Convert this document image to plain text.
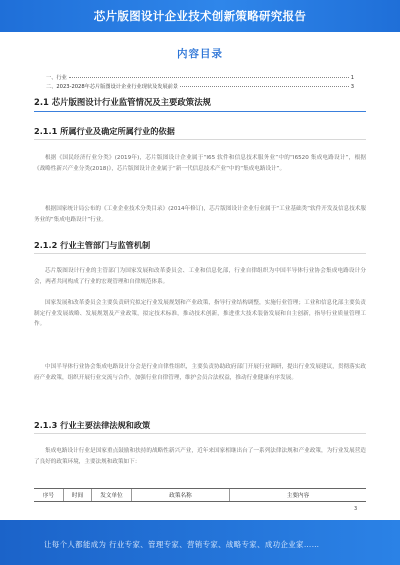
芯片版图设计企业技术创新策略研究报告
内容目录
一、行业	1
二、2023-2028年芯片版图设计企业行业现状及发展前景	3
2.1 芯片版图设计行业监管情况及主要政策法规
2.1.1 所属行业及确定所属行业的依据

根据《国民经济行业分类》(2019年)，芯片版图设计企业属于“I65 软件和信息技术服务业”中的“I6520 集成电路设计”，根据《战略性新兴产业分类(2018)》，芯片版图设计企业属于“新一代信息技术产业”中的“集成电路设计”。

根据国家统计局公布的《工业企业技术分类目录》(2014年修订)，芯片版图设计企业行业属于“工业基础类”软件开发及信息技术服务业的“集成电路设计”行业。

2.1.2 行业主管部门与监管机制

芯片版图设计行业的主管部门为国家发展和改革委员会、工业和信息化部，行业自律组织为中国半导体行业协会集成电路设计分会，两者共同构成了行业的宏观管理和自律规范体系。

国家发展和改革委员会主要负责研究拟定行业发展规划和产业政策，指导行业结构调整，实施行业管理；工业和信息化部主要负责制定行业发展战略、发展规划及产业政策，拟定技术标准，推动技术创新，推进重大技术装备发展和自主创新，指导行业质量管理工作。

中国半导体行业协会集成电路设计分会是行业自律性组织，主要负责协助政府部门开展行业调研，提出行业发展建议，贯彻落实政府产业政策，组织开展行业交流与合作，加强行业自律管理，维护会员合法权益，推动行业健康有序发展。

2.1.3 行业主要法律法规和政策

集成电路设计行业是国家重点鼓励和扶持的战略性新兴产业，近年来国家相继出台了一系列法律法规和产业政策，为行业发展营造了良好的政策环境，主要法规和政策如下：

序号	时间	发文单位	政策名称	主要内容
3
让每个人都能成为 行业专家、管理专家、营销专家、战略专家、成功企业家……
